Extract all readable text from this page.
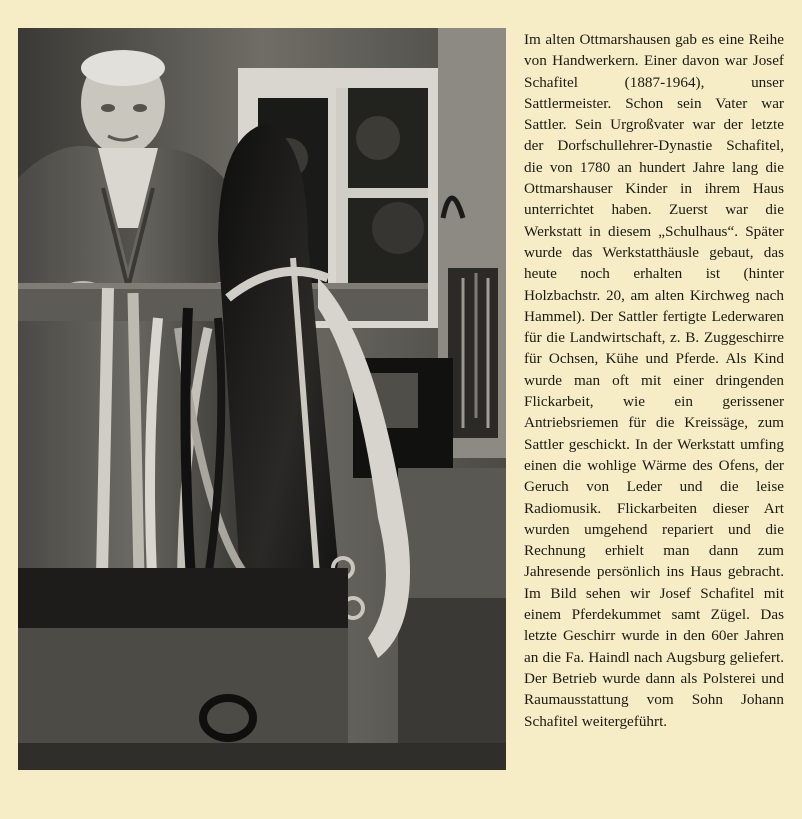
Im alten Ottmarshausen gab es eine Reihe von Handwerkern. Einer davon war Josef Schafitel (1887-1964), unser Sattlermeister. Schon sein Vater war Sattler. Sein Urgroßvater war der letzte der Dorfschullehrer-Dynastie Schafitel, die von 1780 an hundert Jahre lang die Ottmarshauser Kinder in ihrem Haus unterrichtet haben. Zuerst war die Werkstatt in diesem „Schulhaus“. Später wurde das Werkstatthäusle gebaut, das heute noch erhalten ist (hinter Holzbachstr. 20, am alten Kirchweg nach Hammel). Der Sattler fertigte Lederwaren für die Landwirtschaft, z. B. Zuggeschirre für Ochsen, Kühe und Pferde. Als Kind wurde man oft mit einer dringenden Flickarbeit, wie ein gerissener Antriebsriemen für die Kreissäge, zum Sattler geschickt. In der Werkstatt umfing einen die wohlige Wärme des Ofens, der Geruch von Leder und die leise Radiomusik. Flickarbeiten dieser Art wurden umgehend repariert und die Rechnung erhielt man dann zum Jahresende persönlich ins Haus gebracht. Im Bild sehen wir Josef Schafitel mit einem Pferdekummet samt Zügel. Das letzte Geschirr wurde in den 60er Jahren an die Fa. Haindl nach Augsburg geliefert. Der Betrieb wurde dann als Polsterei und Raumausstattung vom Sohn Johann Schafitel weitergeführt.
